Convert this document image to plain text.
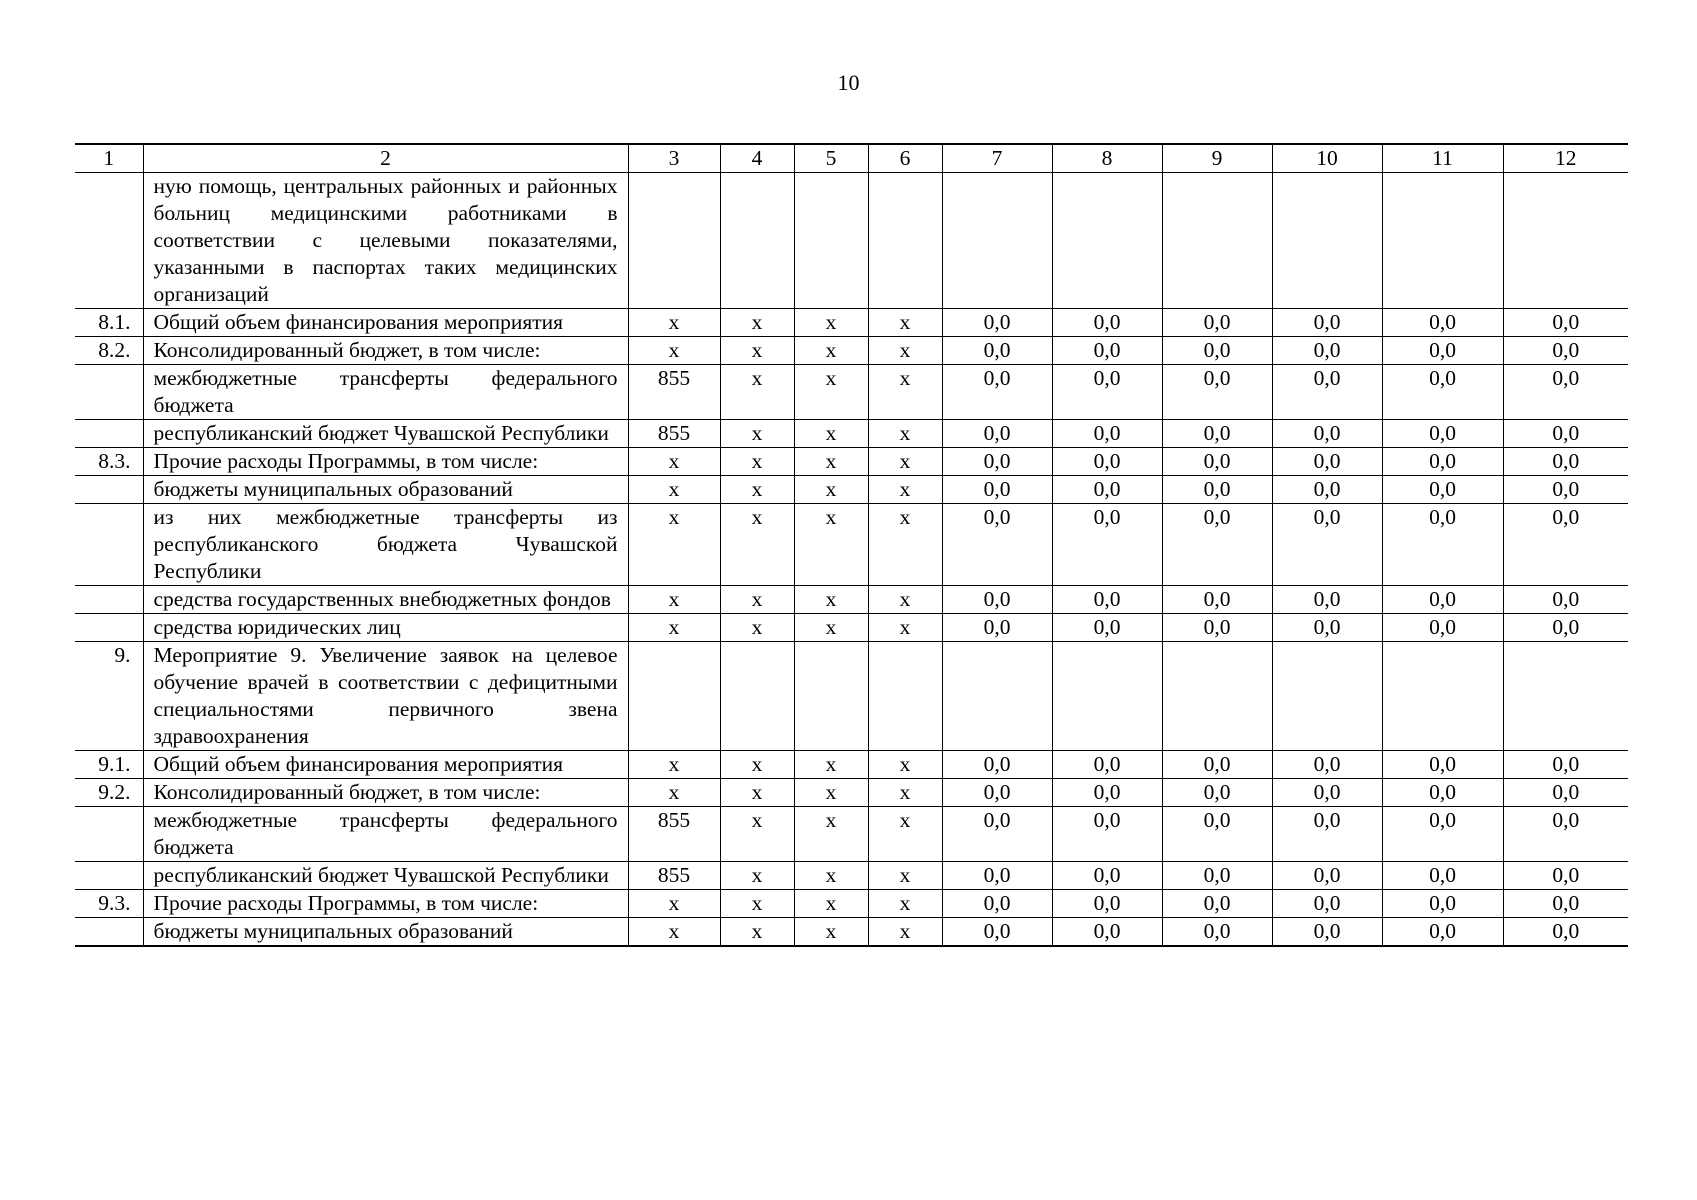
10
1	2	3	4	5	6	7	8	9	10	11	12
	ную помощь, центральных районных и районных больниц медицинскими работниками в соответствии с целевыми показателями, указанными в паспортах таких медицинских организаций										
8.1.	Общий объем финансирования мероприятия	x	x	x	x	0,0	0,0	0,0	0,0	0,0	0,0
8.2.	Консолидированный бюджет, в том числе:	x	x	x	x	0,0	0,0	0,0	0,0	0,0	0,0
	межбюджетные трансферты федерального бюджета	855	x	x	x	0,0	0,0	0,0	0,0	0,0	0,0
	республиканский бюджет Чувашской Республики	855	x	x	x	0,0	0,0	0,0	0,0	0,0	0,0
8.3.	Прочие расходы Программы, в том числе:	x	x	x	x	0,0	0,0	0,0	0,0	0,0	0,0
	бюджеты муниципальных образований	x	x	x	x	0,0	0,0	0,0	0,0	0,0	0,0
	из них межбюджетные трансферты из республиканского бюджета Чувашской Республики	x	x	x	x	0,0	0,0	0,0	0,0	0,0	0,0
	средства государственных внебюджетных фондов	x	x	x	x	0,0	0,0	0,0	0,0	0,0	0,0
	средства юридических лиц	x	x	x	x	0,0	0,0	0,0	0,0	0,0	0,0
9.	Мероприятие 9. Увеличение заявок на целевое обучение врачей в соответствии с дефицитными специальностями первичного звена здравоохранения										
9.1.	Общий объем финансирования мероприятия	x	x	x	x	0,0	0,0	0,0	0,0	0,0	0,0
9.2.	Консолидированный бюджет, в том числе:	x	x	x	x	0,0	0,0	0,0	0,0	0,0	0,0
	межбюджетные трансферты федерального бюджета	855	x	x	x	0,0	0,0	0,0	0,0	0,0	0,0
	республиканский бюджет Чувашской Республики	855	x	x	x	0,0	0,0	0,0	0,0	0,0	0,0
9.3.	Прочие расходы Программы, в том числе:	x	x	x	x	0,0	0,0	0,0	0,0	0,0	0,0
	бюджеты муниципальных образований	x	x	x	x	0,0	0,0	0,0	0,0	0,0	0,0
